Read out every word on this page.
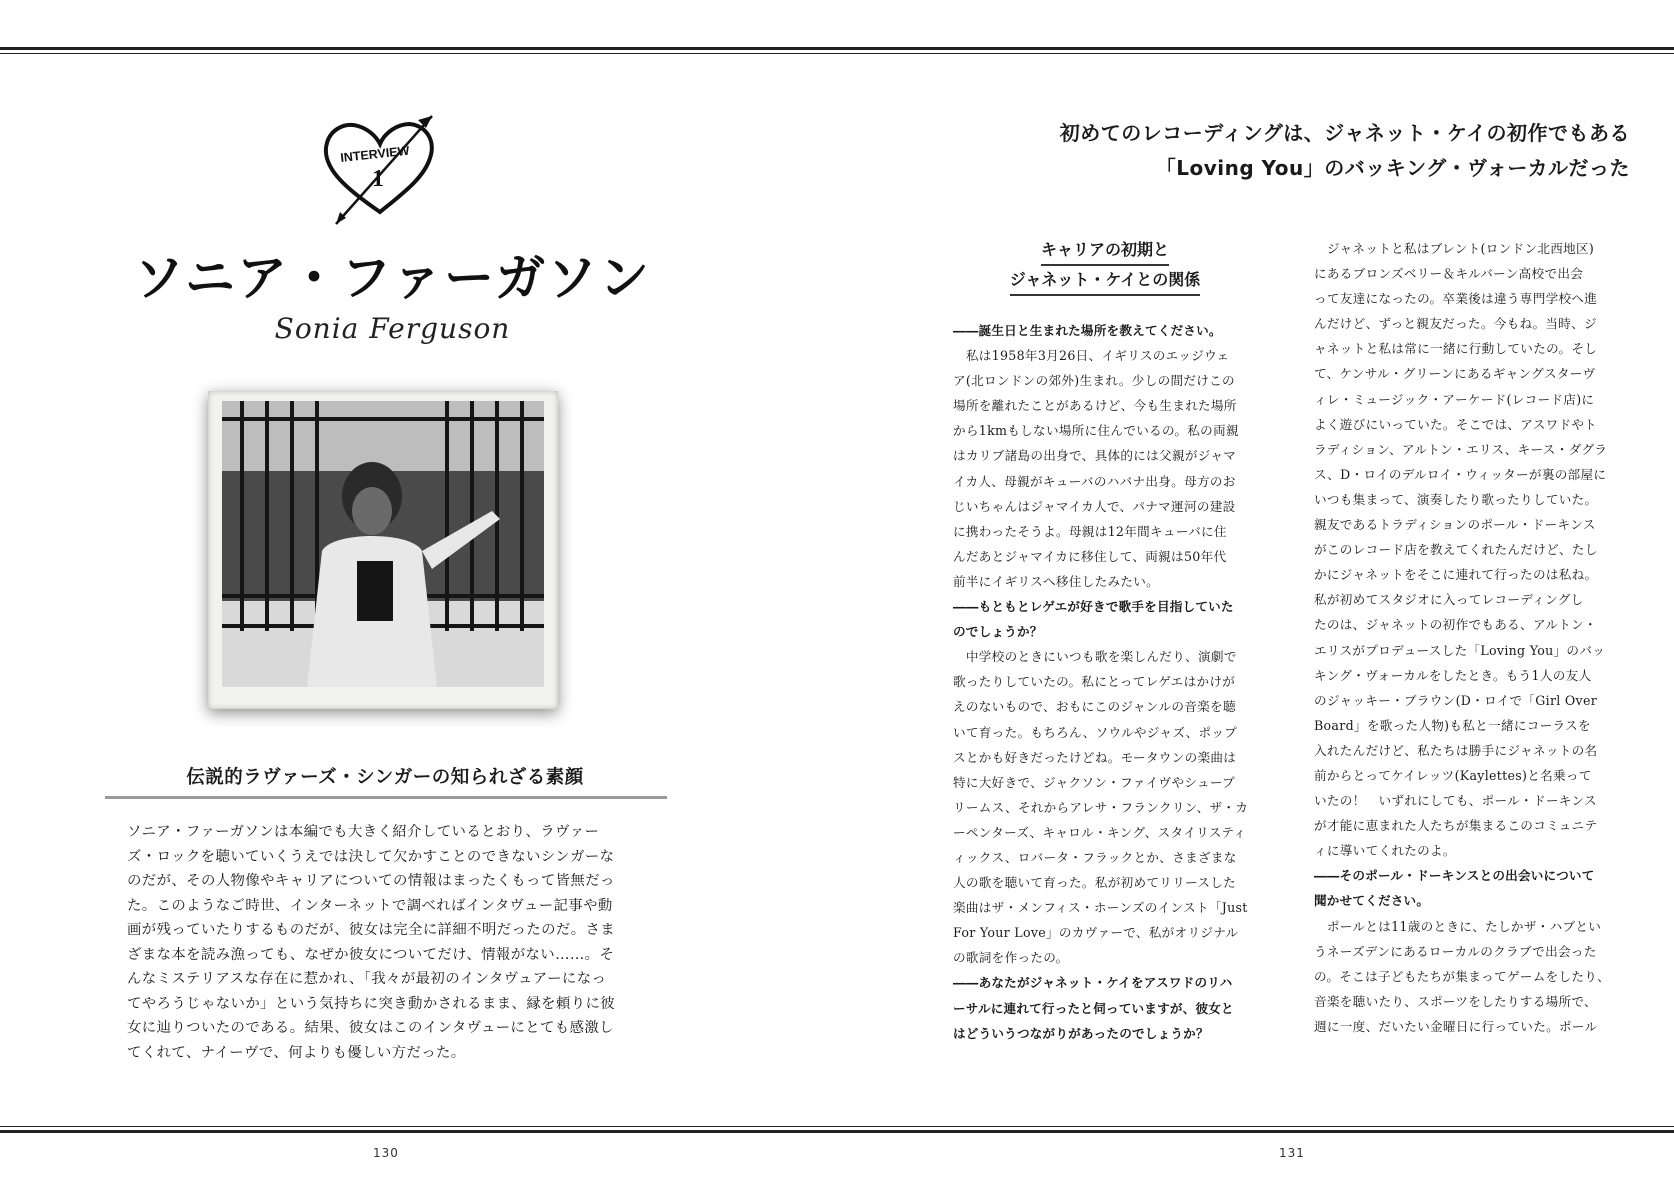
INTERVIEW
1
ソニア・ファーガソン
Sonia Ferguson
伝説的ラヴァーズ・シンガーの知られざる素顔
ソニア・ファーガソンは本編でも大きく紹介しているとおり、ラヴァー
ズ・ロックを聴いていくうえでは決して欠かすことのできないシンガーな
のだが、その人物像やキャリアについての情報はまったくもって皆無だっ
た。このようなご時世、インターネットで調べればインタヴュー記事や動
画が残っていたりするものだが、彼女は完全に詳細不明だったのだ。さま
ざまな本を読み漁っても、なぜか彼女についてだけ、情報がない……。そ
んなミステリアスな存在に惹かれ、「我々が最初のインタヴュアーになっ
てやろうじゃないか」という気持ちに突き動かされるまま、縁を頼りに彼
女に辿りついたのである。結果、彼女はこのインタヴューにとても感激し
てくれて、ナイーヴで、何よりも優しい方だった。
初めてのレコーディングは、ジャネット・ケイの初作でもある
「Loving You」のバッキング・ヴォーカルだった
キャリアの初期と
ジャネット・ケイとの関係
――誕生日と生まれた場所を教えてください。
　私は1958年3月26日、イギリスのエッジウェ
ア(北ロンドンの郊外)生まれ。少しの間だけこの
場所を離れたことがあるけど、今も生まれた場所
から1kmもしない場所に住んでいるの。私の両親
はカリブ諸島の出身で、具体的には父親がジャマ
イカ人、母親がキューバのハバナ出身。母方のお
じいちゃんはジャマイカ人で、パナマ運河の建設
に携わったそうよ。母親は12年間キューバに住
んだあとジャマイカに移住して、両親は50年代
前半にイギリスへ移住したみたい。
――もともとレゲエが好きで歌手を目指していた
のでしょうか？
　中学校のときにいつも歌を楽しんだり、演劇で
歌ったりしていたの。私にとってレゲエはかけが
えのないもので、おもにこのジャンルの音楽を聴
いて育った。もちろん、ソウルやジャズ、ポップ
スとかも好きだったけどね。モータウンの楽曲は
特に大好きで、ジャクソン・ファイヴやシュープ
リームス、それからアレサ・フランクリン、ザ・カ
ーペンターズ、キャロル・キング、スタイリスティ
ィックス、ロバータ・フラックとか、さまざまな
人の歌を聴いて育った。私が初めてリリースした
楽曲はザ・メンフィス・ホーンズのインスト「Just
For Your Love」のカヴァーで、私がオリジナル
の歌詞を作ったの。
――あなたがジャネット・ケイをアスワドのリハ
ーサルに連れて行ったと伺っていますが、彼女と
はどういうつながりがあったのでしょうか？
　ジャネットと私はブレント(ロンドン北西地区)
にあるブロンズベリー＆キルバーン高校で出会
って友達になったの。卒業後は違う専門学校へ進
んだけど、ずっと親友だった。今もね。当時、ジ
ャネットと私は常に一緒に行動していたの。そし
て、ケンサル・グリーンにあるギャングスターヴ
ィレ・ミュージック・アーケード(レコード店)に
よく遊びにいっていた。そこでは、アスワドやト
ラディション、アルトン・エリス、キース・ダグラ
ス、D・ロイのデルロイ・ウィッターが裏の部屋に
いつも集まって、演奏したり歌ったりしていた。
親友であるトラディションのポール・ドーキンス
がこのレコード店を教えてくれたんだけど、たし
かにジャネットをそこに連れて行ったのは私ね。
私が初めてスタジオに入ってレコーディングし
たのは、ジャネットの初作でもある、アルトン・
エリスがプロデュースした「Loving You」のバッ
キング・ヴォーカルをしたとき。もう1人の友人
のジャッキー・ブラウン(D・ロイで「Girl Over
Board」を歌った人物)も私と一緒にコーラスを
入れたんだけど、私たちは勝手にジャネットの名
前からとってケイレッツ(Kaylettes)と名乗って
いたの！　いずれにしても、ポール・ドーキンス
が才能に恵まれた人たちが集まるこのコミュニテ
ィに導いてくれたのよ。
――そのポール・ドーキンスとの出会いについて
聞かせてください。
　ポールとは11歳のときに、たしかザ・ハブとい
うネーズデンにあるローカルのクラブで出会った
の。そこは子どもたちが集まってゲームをしたり、
音楽を聴いたり、スポーツをしたりする場所で、
週に一度、だいたい金曜日に行っていた。ポール
130	131
